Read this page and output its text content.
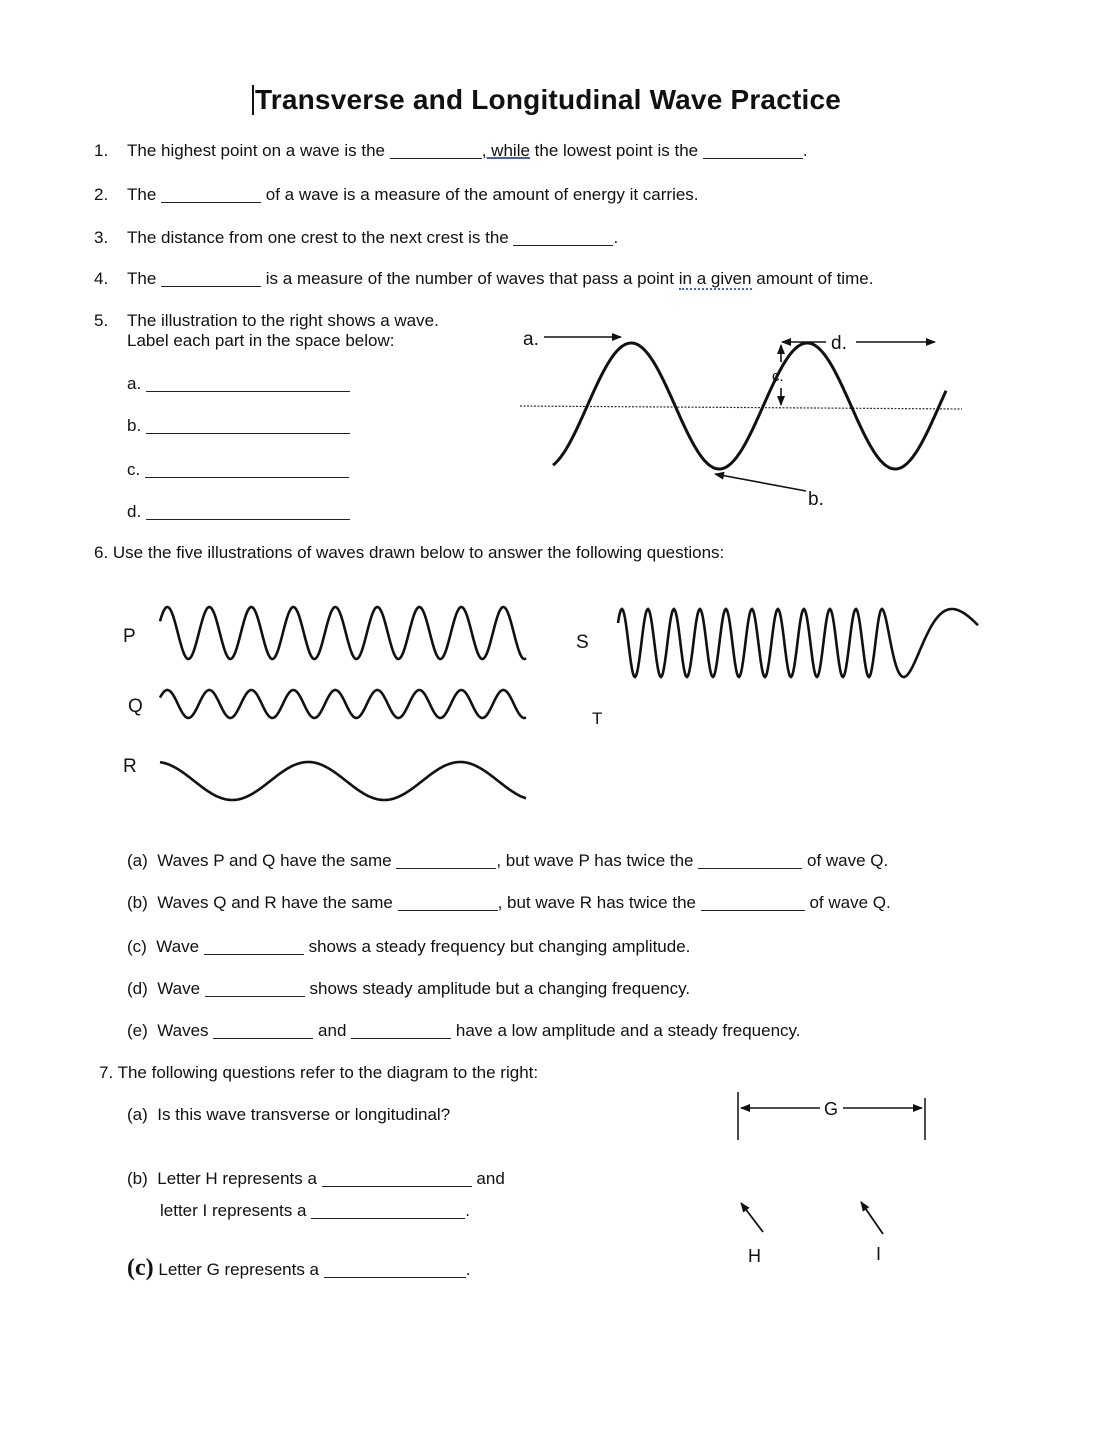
Transverse and Longitudinal Wave Practice
1. The highest point on a wave is the	, while the lowest point is the	.
2. The	of a wave is a measure of the amount of energy it carries.
3. The distance from one crest to the next crest is the	.
4. The	is a measure of the number of waves that pass a point in a given amount of time.
5. The illustration to the right shows a wave.
Label each part in the space below:
a.
b.
c.
d.
a.
c.
d.
b.
6. Use the five illustrations of waves drawn below to answer the following questions:
P
Q
R
S
T
(a) Waves P and Q have the same	, but wave P has twice the	of wave Q.
(b) Waves Q and R have the same	, but wave R has twice the	of wave Q.
(c) Wave	shows a steady frequency but changing amplitude.
(d) Wave	shows steady amplitude but a changing frequency.
(e) Waves	and	have a low amplitude and a steady frequency.
7. The following questions refer to the diagram to the right:
(a) Is this wave transverse or longitudinal?
(b) Letter H represents a	and
letter I represents a	.
(c) Letter G represents a	.
G
H	I
